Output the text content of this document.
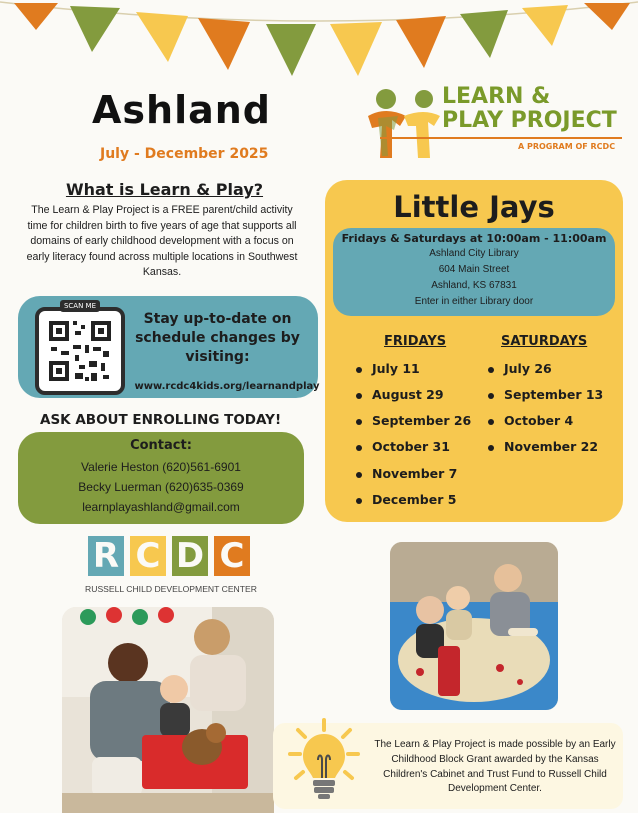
Ashland
July - December 2025
LEARN &
PLAY PROJECT
A PROGRAM OF RCDC
What is Learn & Play?
The Learn & Play Project is a FREE parent/child activity time for children birth to five years of age that supports all domains of early childhood development with a focus on early literacy found across multiple locations in Southwest Kansas.
SCAN ME
Stay up-to-date on schedule changes by visiting:
www.rcdc4kids.org/learnandplay
ASK ABOUT ENROLLING TODAY!
Contact:
Valerie Heston (620)561-6901
Becky Luerman (620)635-0369
learnplayashland@gmail.com
Little Jays
Fridays & Saturdays at 10:00am - 11:00am
Ashland City Library
604 Main Street
Ashland, KS 67831
Enter in either Library door
FRIDAYS	SATURDAYS
July 11
August 29
September 26
October 31
November 7
December 5
July 26
September 13
October 4
November 22
R C D C
RUSSELL CHILD DEVELOPMENT CENTER
The Learn & Play Project is made possible by an Early Childhood Block Grant awarded by the Kansas Children's Cabinet and Trust Fund to Russell Child Development Center.
